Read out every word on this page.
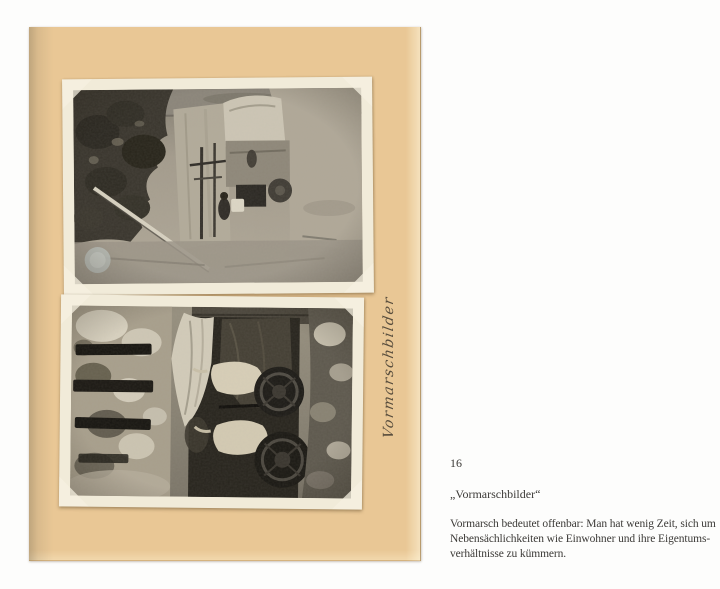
Vormarschbilder
16
„Vormarschbilder“

Vormarsch bedeutet offenbar: Man hat wenig Zeit, sich um

Nebensächlichkeiten wie Einwohner und ihre Eigentums-

verhältnisse zu kümmern.
